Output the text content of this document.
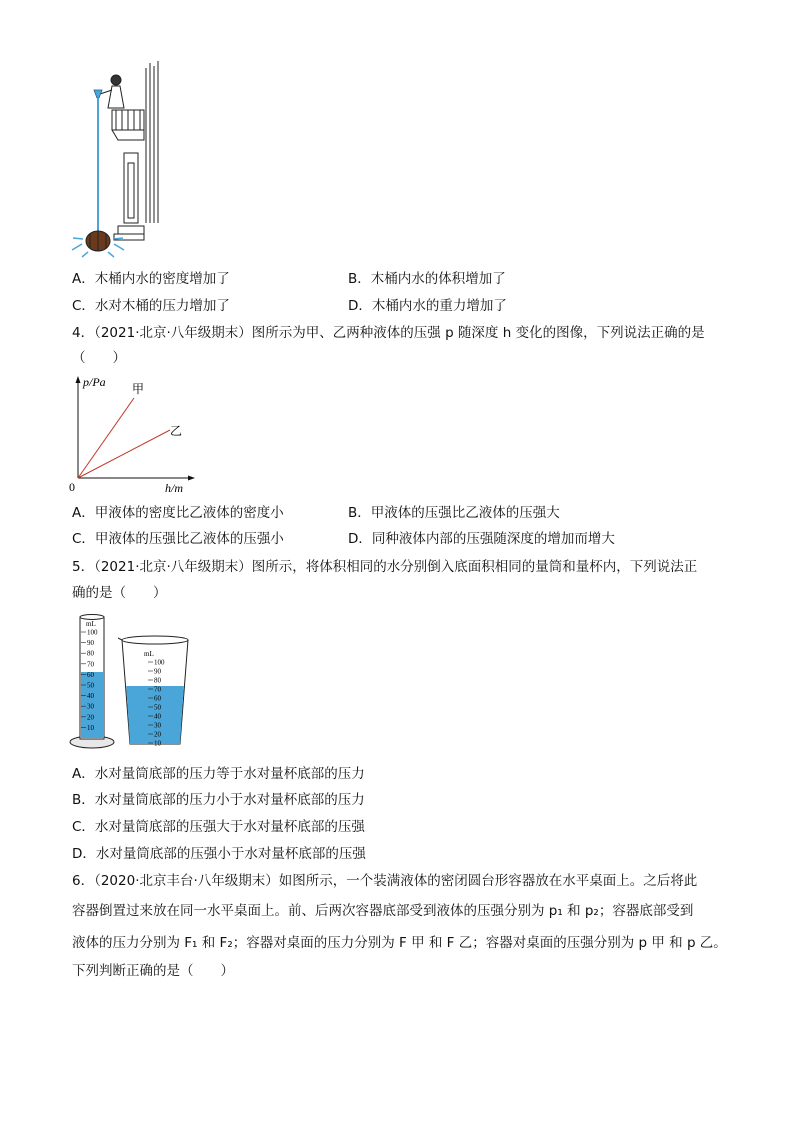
A．木桶内水的密度增加了	B．木桶内水的体积增加了
C．水对木桶的压力增加了	D．木桶内水的重力增加了
4．（2021·北京·八年级期末）图所示为甲、乙两种液体的压强 p 随深度 h 变化的图像，下列说法正确的是
（　　）
p/Pa
h/m
0
甲
乙
A．甲液体的密度比乙液体的密度小	B．甲液体的压强比乙液体的压强大
C．甲液体的压强比乙液体的压强小	D．同种液体内部的压强随深度的增加而增大
5．（2021·北京·八年级期末）图所示，将体积相同的水分别倒入底面积相同的量筒和量杯内，下列说法正
确的是（　　）
mL
100
90
80
70
60
50
40
30
20
10
mL
100
90
80
70
60
50
40
30
20
10
A．水对量筒底部的压力等于水对量杯底部的压力
B．水对量筒底部的压力小于水对量杯底部的压力
C．水对量筒底部的压强大于水对量杯底部的压强
D．水对量筒底部的压强小于水对量杯底部的压强
6．（2020·北京丰台·八年级期末）如图所示，一个装满液体的密闭圆台形容器放在水平桌面上。之后将此
容器倒置过来放在同一水平桌面上。前、后两次容器底部受到液体的压强分别为 p₁ 和 p₂；容器底部受到
液体的压力分别为 F₁ 和 F₂；容器对桌面的压力分别为 F 甲 和 F 乙；容器对桌面的压强分别为 p 甲 和 p 乙。
下列判断正确的是（　　）
